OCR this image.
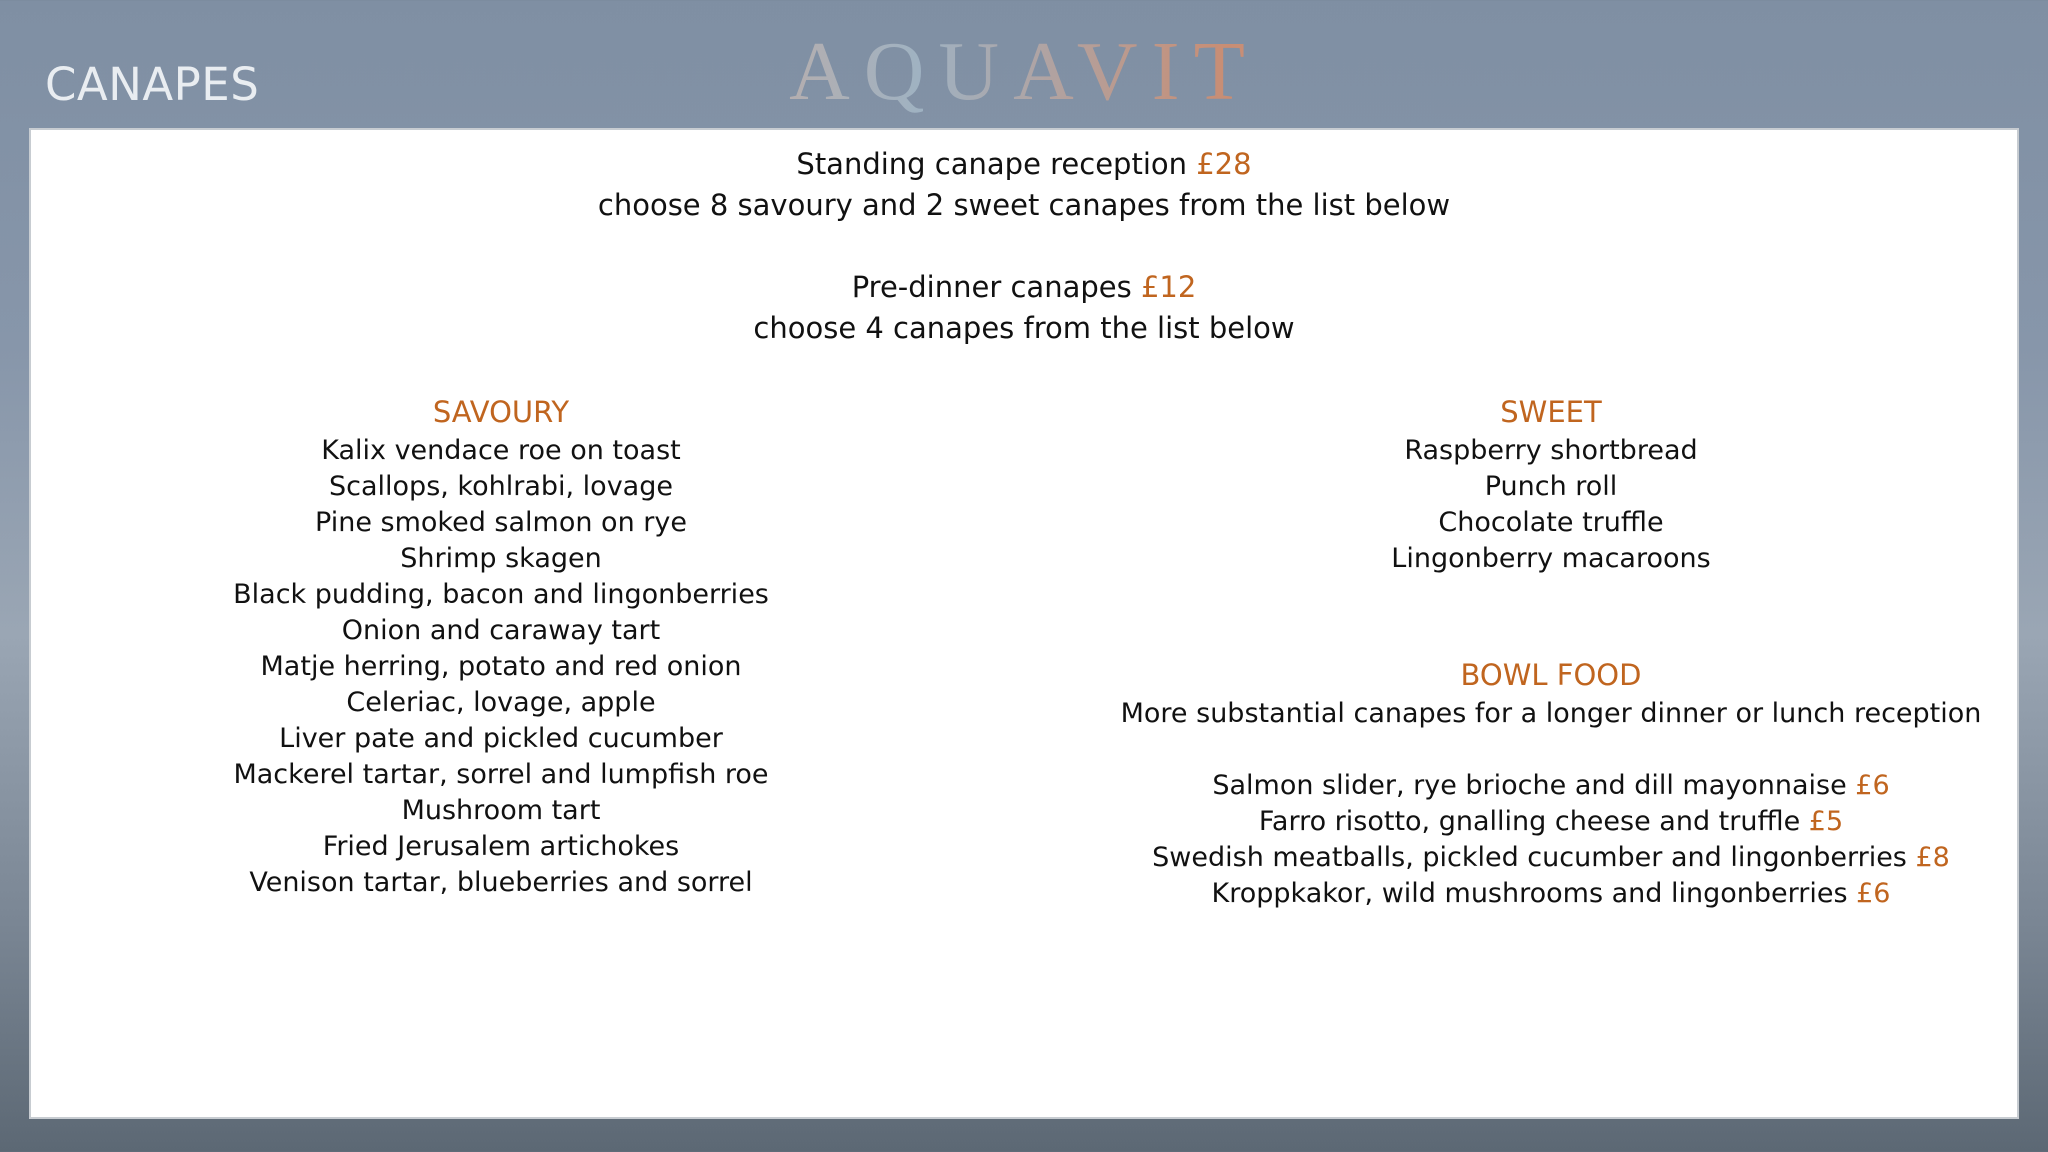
AQUAVIT
Standing canape reception £28
choose 8 savoury and 2 sweet canapes from the list below
Pre-dinner canapes £12
choose 4 canapes from the list below
SAVOURY
Kalix vendace roe on toast
Scallops, kohlrabi, lovage
Pine smoked salmon on rye
Shrimp skagen
Black pudding, bacon and lingonberries
Onion and caraway tart
Matje herring, potato and red onion
Celeriac, lovage, apple
Liver pate and pickled cucumber
Mackerel tartar, sorrel and lumpfish roe
Mushroom tart
Fried Jerusalem artichokes
Venison tartar, blueberries and sorrel
SWEET
Raspberry shortbread
Punch roll
Chocolate truffle
Lingonberry macaroons
BOWL FOOD
More substantial canapes for a longer dinner or lunch reception
Salmon slider, rye brioche and dill mayonnaise £6
Farro risotto, gnalling cheese and truffle £5
Swedish meatballs, pickled cucumber and lingonberries £8
Kroppkakor, wild mushrooms and lingonberries £6
